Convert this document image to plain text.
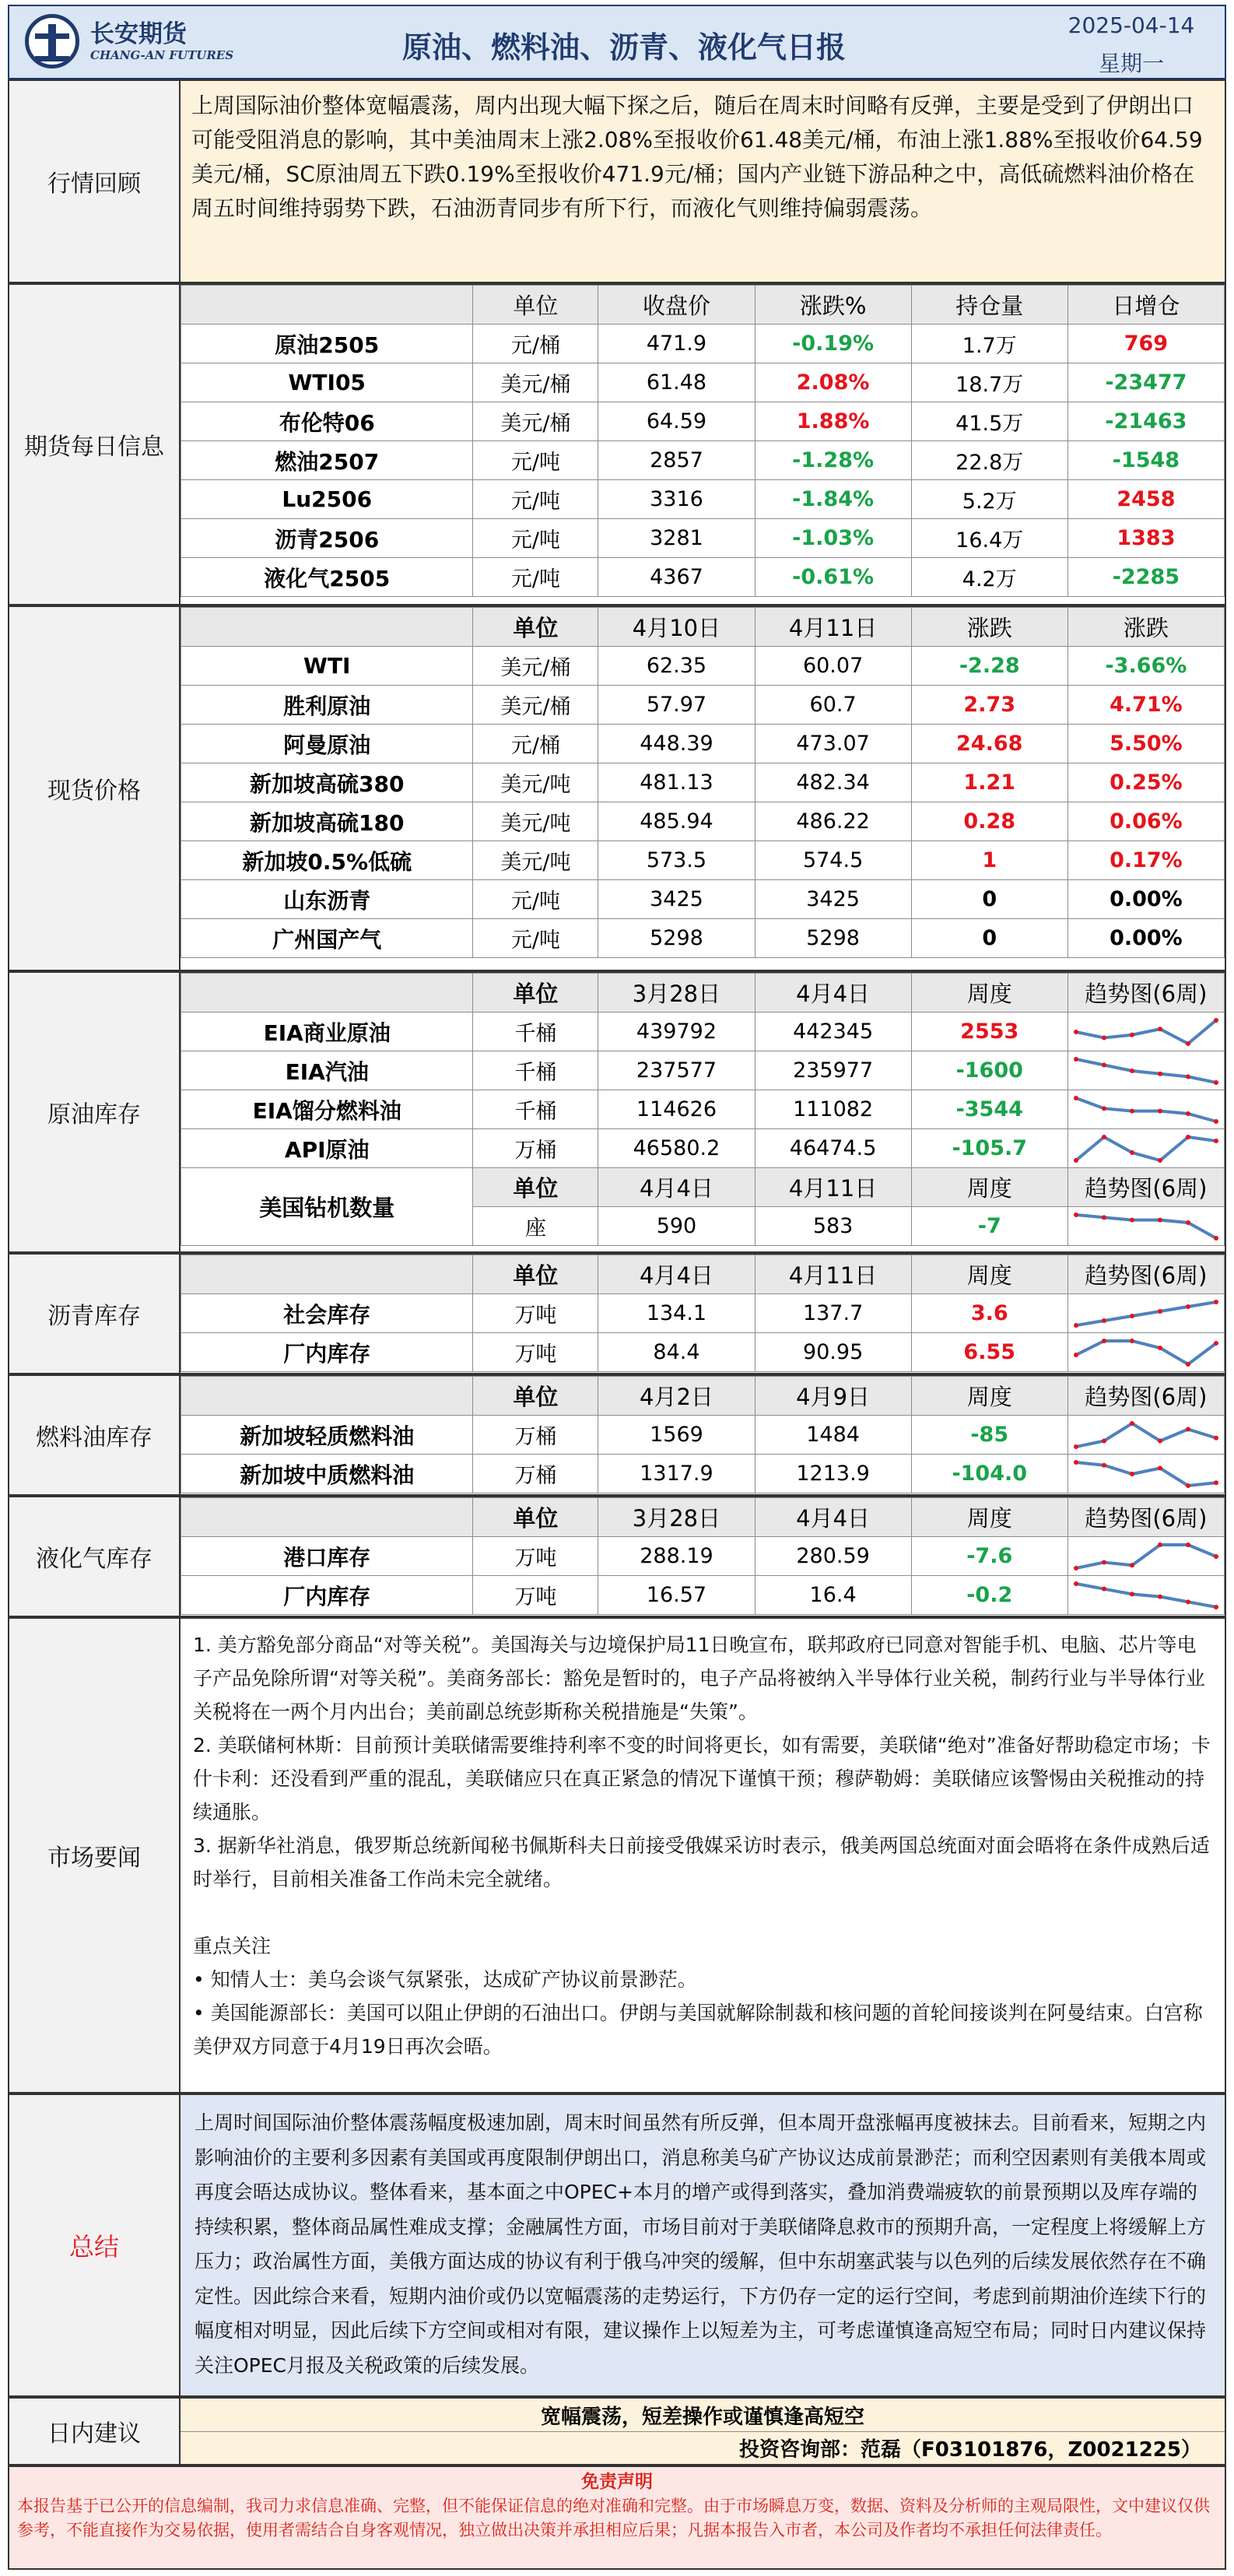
长安期货
CHANG-AN FUTURES	原油、燃料油、沥青、液化气日报
2025-04-14
星期一
行情回顾
上周国际油价整体宽幅震荡，周内出现大幅下探之后，随后在周末时间略有反弹，主要是受到了伊朗出口可能受阻消息的影响，其中美油周末上涨2.08%至报收价61.48美元/桶，布油上涨1.88%至报收价64.59美元/桶，SC原油周五下跌0.19%至报收价471.9元/桶；国内产业链下游品种之中，高低硫燃料油价格在周五时间维持弱势下跌，石油沥青同步有所下行，而液化气则维持偏弱震荡。
期货每日信息
	单位	收盘价	涨跌%	持仓量	日增仓
原油2505	元/桶	471.9	-0.19%	1.7万	769
WTI05	美元/桶	61.48	2.08%	18.7万	-23477
布伦特06	美元/桶	64.59	1.88%	41.5万	-21463
燃油2507	元/吨	2857	-1.28%	22.8万	-1548
Lu2506	元/吨	3316	-1.84%	5.2万	2458
沥青2506	元/吨	3281	-1.03%	16.4万	1383
液化气2505	元/吨	4367	-0.61%	4.2万	-2285
现货价格
	单位	4月10日	4月11日	涨跌	涨跌
WTI	美元/桶	62.35	60.07	-2.28	-3.66%
胜利原油	美元/桶	57.97	60.7	2.73	4.71%
阿曼原油	元/桶	448.39	473.07	24.68	5.50%
新加坡高硫380	美元/吨	481.13	482.34	1.21	0.25%
新加坡高硫180	美元/吨	485.94	486.22	0.28	0.06%
新加坡0.5%低硫	美元/吨	573.5	574.5	1	0.17%
山东沥青	元/吨	3425	3425	0	0.00%
广州国产气	元/吨	5298	5298	0	0.00%
原油库存
	单位	3月28日	4月4日	周度	趋势图(6周)
EIA商业原油	千桶	439792	442345	2553	

EIA汽油	千桶	237577	235977	-1600	

EIA馏分燃料油	千桶	114626	111082	-3544	

API原油	万桶	46580.2	46474.5	-105.7	

美国钻机数量	单位	4月4日	4月11日	周度	趋势图(6周)
	座	590	583	-7	
沥青库存
	单位	4月4日	4月11日	周度	趋势图(6周)
社会库存	万吨	134.1	137.7	3.6	

厂内库存	万吨	84.4	90.95	6.55	
燃料油库存
	单位	4月2日	4月9日	周度	趋势图(6周)
新加坡轻质燃料油	万桶	1569	1484	-85	

新加坡中质燃料油	万桶	1317.9	1213.9	-104.0	
液化气库存
	单位	3月28日	4月4日	周度	趋势图(6周)
港口库存	万吨	288.19	280.59	-7.6	

厂内库存	万吨	16.57	16.4	-0.2	
市场要闻

1. 美方豁免部分商品“对等关税”。美国海关与边境保护局11日晚宣布，联邦政府已同意对智能手机、电脑、芯片等电子产品免除所谓“对等关税”。美商务部长：豁免是暂时的，电子产品将被纳入半导体行业关税，制药行业与半导体行业关税将在一两个月内出台；美前副总统彭斯称关税措施是“失策”。

2. 美联储柯林斯：目前预计美联储需要维持利率不变的时间将更长，如有需要，美联储“绝对”准备好帮助稳定市场；卡什卡利：还没看到严重的混乱，美联储应只在真正紧急的情况下谨慎干预；穆萨勒姆：美联储应该警惕由关税推动的持续通胀。

3. 据新华社消息，俄罗斯总统新闻秘书佩斯科夫日前接受俄媒采访时表示，俄美两国总统面对面会晤将在条件成熟后适时举行，目前相关准备工作尚未完全就绪。

重点关注

• 知情人士：美乌会谈气氛紧张，达成矿产协议前景渺茫。

• 美国能源部长：美国可以阻止伊朗的石油出口。伊朗与美国就解除制裁和核问题的首轮间接谈判在阿曼结束。白宫称美伊双方同意于4月19日再次会晤。

总结
上周时间国际油价整体震荡幅度极速加剧，周末时间虽然有所反弹，但本周开盘涨幅再度被抹去。目前看来，短期之内影响油价的主要利多因素有美国或再度限制伊朗出口，消息称美乌矿产协议达成前景渺茫；而利空因素则有美俄本周或再度会晤达成协议。整体看来，基本面之中OPEC+本月的增产或得到落实，叠加消费端疲软的前景预期以及库存端的持续积累，整体商品属性难成支撑；金融属性方面，市场目前对于美联储降息救市的预期升高，一定程度上将缓解上方压力；政治属性方面，美俄方面达成的协议有利于俄乌冲突的缓解，但中东胡塞武装与以色列的后续发展依然存在不确定性。因此综合来看，短期内油价或仍以宽幅震荡的走势运行，下方仍存一定的运行空间，考虑到前期油价连续下行的幅度相对明显，因此后续下方空间或相对有限，建议操作上以短差为主，可考虑谨慎逢高短空布局；同时日内建议保持关注OPEC月报及关税政策的后续发展。
日内建议
宽幅震荡，短差操作或谨慎逢高短空
投资咨询部：范磊（F03101876，Z0021225）
免责声明
本报告基于已公开的信息编制，我司力求信息准确、完整，但不能保证信息的绝对准确和完整。由于市场瞬息万变，数据、资料及分析师的主观局限性，文中建议仅供参考，不能直接作为交易依据，使用者需结合自身客观情况，独立做出决策并承担相应后果；凡据本报告入市者，本公司及作者均不承担任何法律责任。
